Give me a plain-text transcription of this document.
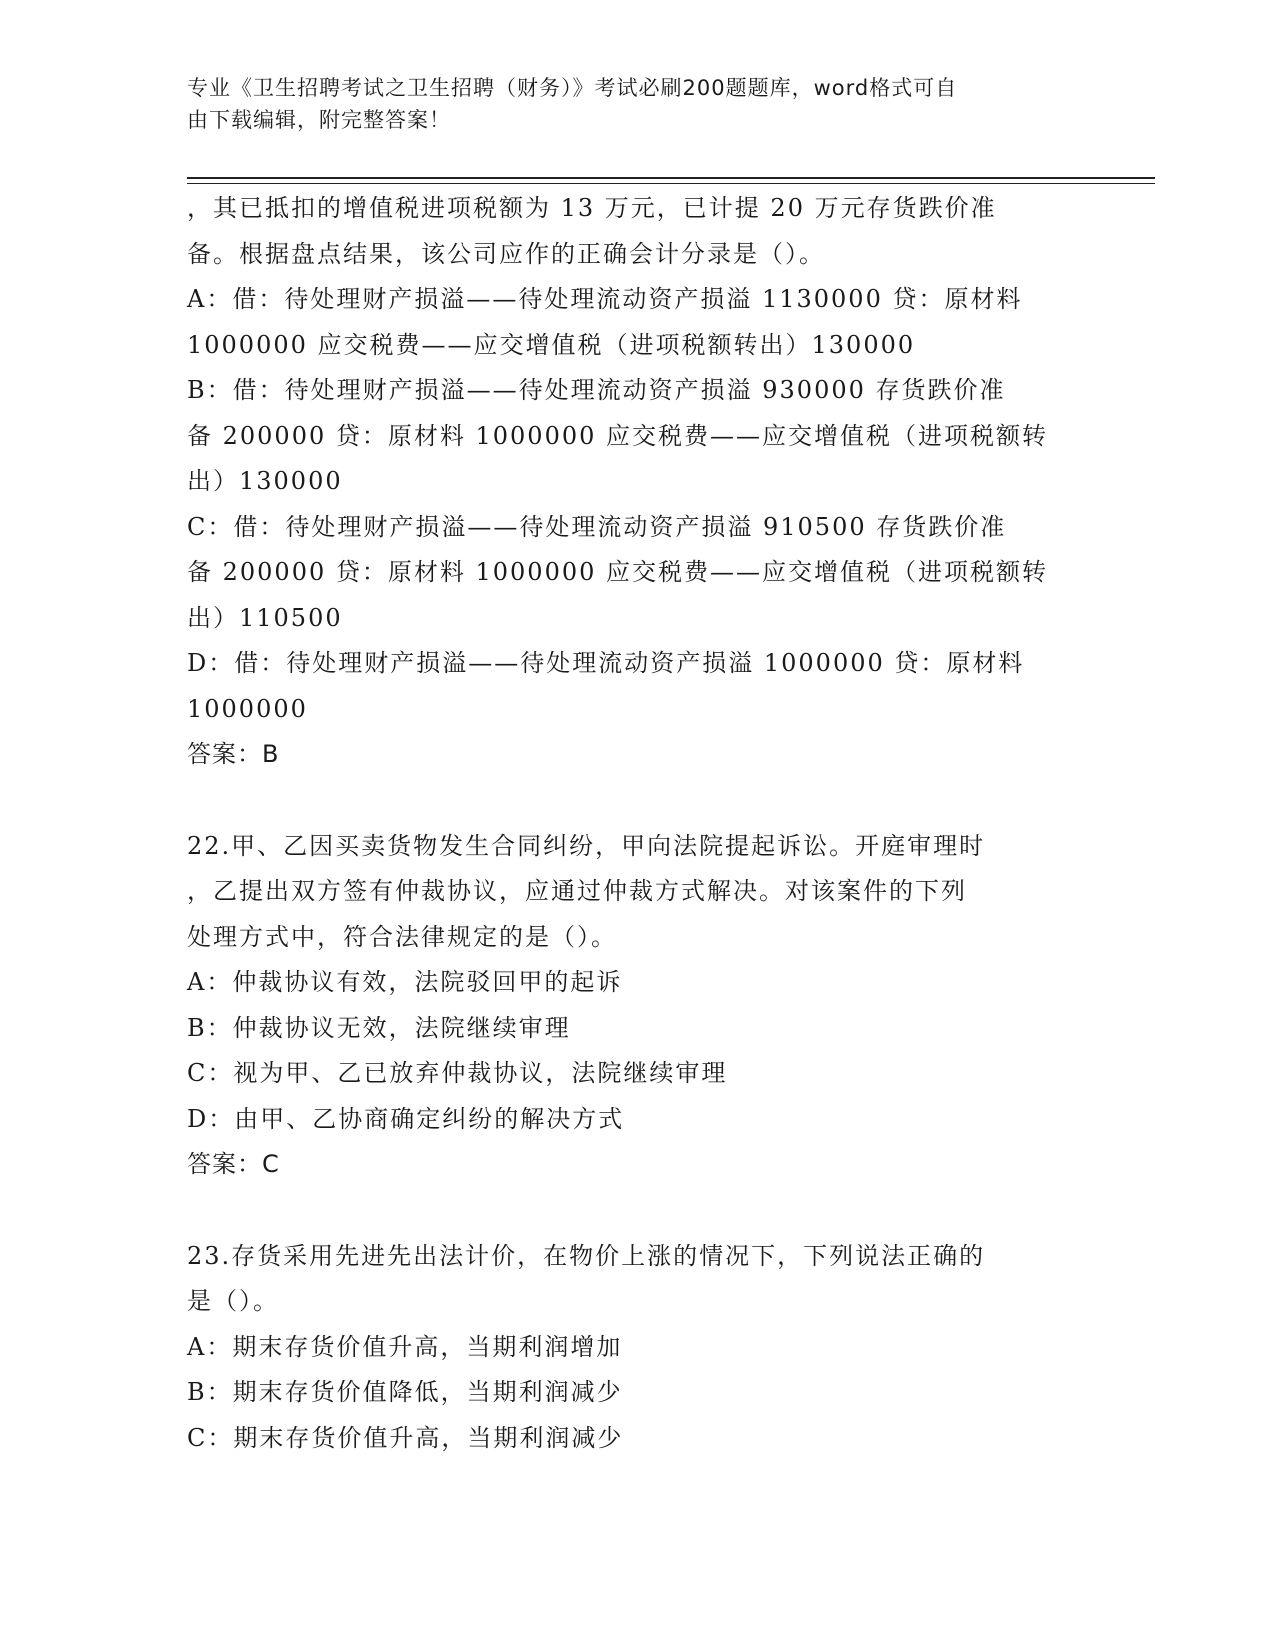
专业《卫生招聘考试之卫生招聘（财务）》考试必刷200题题库，word格式可自
由下载编辑，附完整答案！
，其已抵扣的增值税进项税额为 13 万元，已计提 20 万元存货跌价准
备。根据盘点结果，该公司应作的正确会计分录是（）。
A：借：待处理财产损溢——待处理流动资产损溢 1130000 贷：原材料
1000000 应交税费——应交增值税（进项税额转出）130000
B：借：待处理财产损溢——待处理流动资产损溢 930000 存货跌价准
备 200000 贷：原材料 1000000 应交税费——应交增值税（进项税额转
出）130000
C：借：待处理财产损溢——待处理流动资产损溢 910500 存货跌价准
备 200000 贷：原材料 1000000 应交税费——应交增值税（进项税额转
出）110500
D：借：待处理财产损溢——待处理流动资产损溢 1000000 贷：原材料
1000000
答案：B
22.甲、乙因买卖货物发生合同纠纷，甲向法院提起诉讼。开庭审理时
，乙提出双方签有仲裁协议，应通过仲裁方式解决。对该案件的下列
处理方式中，符合法律规定的是（）。
A：仲裁协议有效，法院驳回甲的起诉
B：仲裁协议无效，法院继续审理
C：视为甲、乙已放弃仲裁协议，法院继续审理
D：由甲、乙协商确定纠纷的解决方式
答案：C
23.存货采用先进先出法计价，在物价上涨的情况下，下列说法正确的
是（）。
A：期末存货价值升高，当期利润增加
B：期末存货价值降低，当期利润减少
C：期末存货价值升高，当期利润减少
